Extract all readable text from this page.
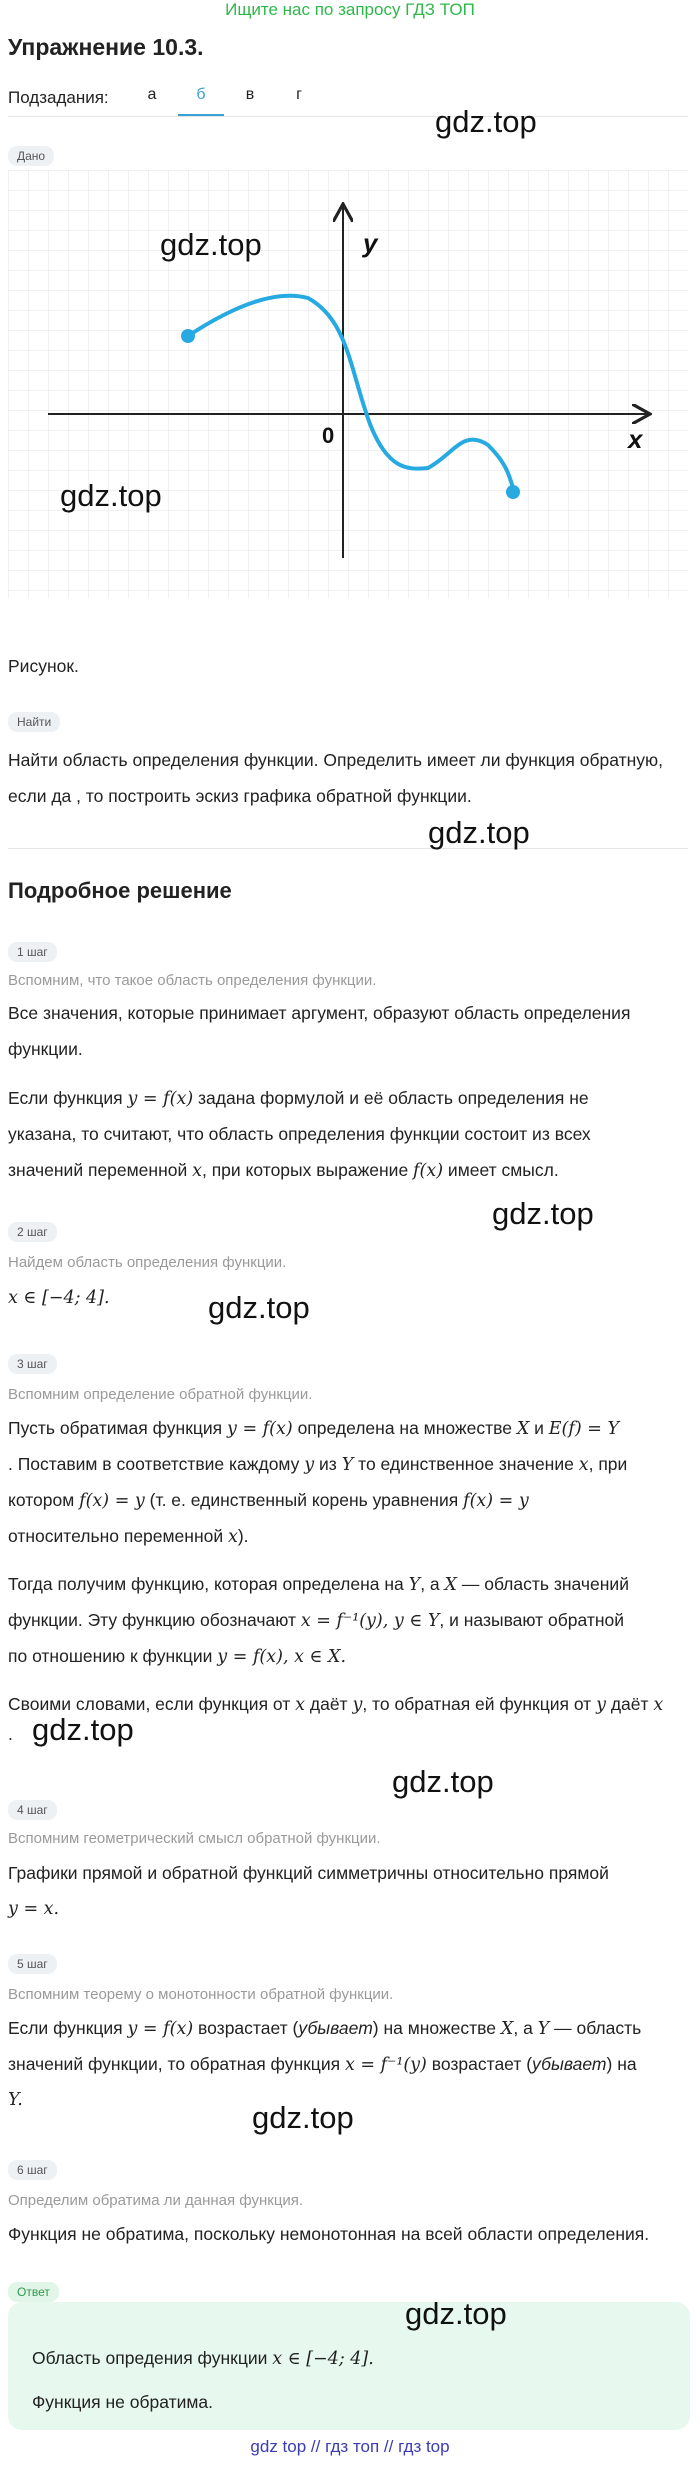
Ищите нас по запросу ГДЗ ТОП
Упражнение 10.3.
Подзадания:	а	б	в	г
Дано
x
y
0
gdz.top
gdz.top
gdz.top
Рисунок.
Найти
Найти область определения функции. Определить имеет ли функция обратную,
если да , то построить эскиз графика обратной функции.
gdz.top
Подробное решение
1 шаг
Вспомним, что такое область определения функции.
Все значения, которые принимает аргумент, образуют область определения
функции.
Если функция y = f(x) задана формулой и её область определения не
указана, то считают, что область определения функции состоит из всех
значений переменной x, при которых выражение f(x) имеет смысл.
gdz.top
2 шаг
Найдем область определения функции.
x ∈ [−4; 4].	gdz.top
3 шаг
Вспомним определение обратной функции.
Пусть обратимая функция y = f(x) определена на множестве X и E(f) = Y
. Поставим в соответствие каждому y из Y то единственное значение x, при
котором f(x) = y (т. е. единственный корень уравнения f(x) = y
относительно переменной x).
Тогда получим функцию, которая определена на Y, а X — область значений
функции. Эту функцию обозначают x = f⁻¹(y), y ∈ Y, и называют обратной
по отношению к функции y = f(x), x ∈ X.
Своими словами, если функция от x даёт y, то обратная ей функция от y даёт x
. gdz.top
gdz.top
4 шаг
Вспомним геометрический смысл обратной функции.
Графики прямой и обратной функций симметричны относительно прямой
y = x.
5 шаг
Вспомним теорему о монотонности обратной функции.
Если функция y = f(x) возрастает (убывает) на множестве X, а Y — область
значений функции, то обратная функция x = f⁻¹(y) возрастает (убывает) на
Y.	gdz.top
6 шаг
Определим обратима ли данная функция.
Функция не обратима, поскольку немонотонная на всей области определения.
Ответ
gdz.top
Область опредения функции x ∈ [−4; 4].
Функция не обратима.
gdz top // гдз топ // гдз top
